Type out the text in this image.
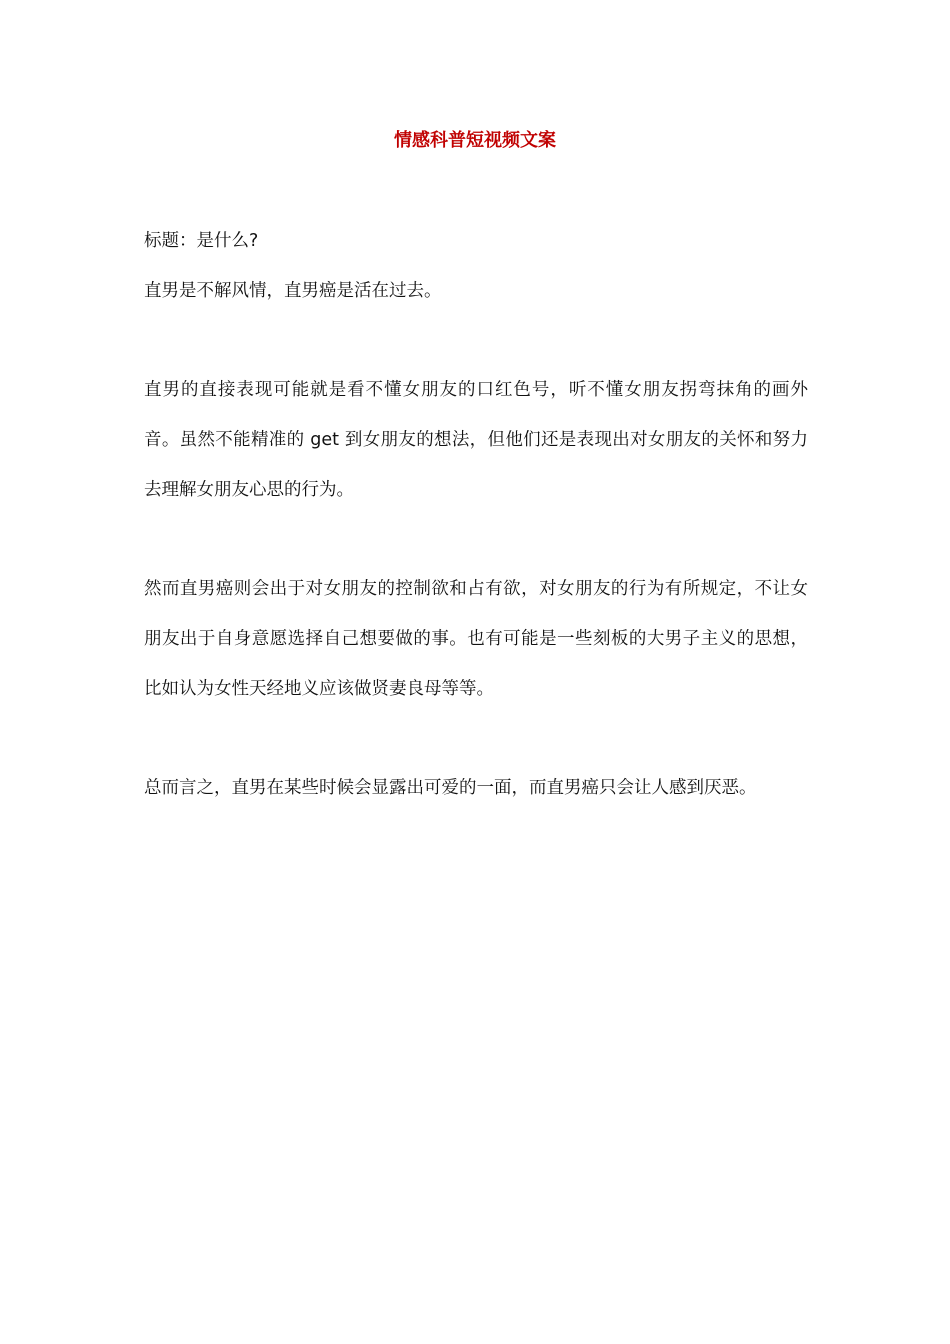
情感科普短视频文案
标题：是什么?
直男是不解风情，直男癌是活在过去。

直男的直接表现可能就是看不懂女朋友的口红色号，听不懂女朋友拐弯抹角的画外音。虽然不能精准的 get 到女朋友的想法，但他们还是表现出对女朋友的关怀和努力去理解女朋友心思的行为。

然而直男癌则会出于对女朋友的控制欲和占有欲，对女朋友的行为有所规定，不让女朋友出于自身意愿选择自己想要做的事。也有可能是一些刻板的大男子主义的思想，比如认为女性天经地义应该做贤妻良母等等。

总而言之，直男在某些时候会显露出可爱的一面，而直男癌只会让人感到厌恶。
